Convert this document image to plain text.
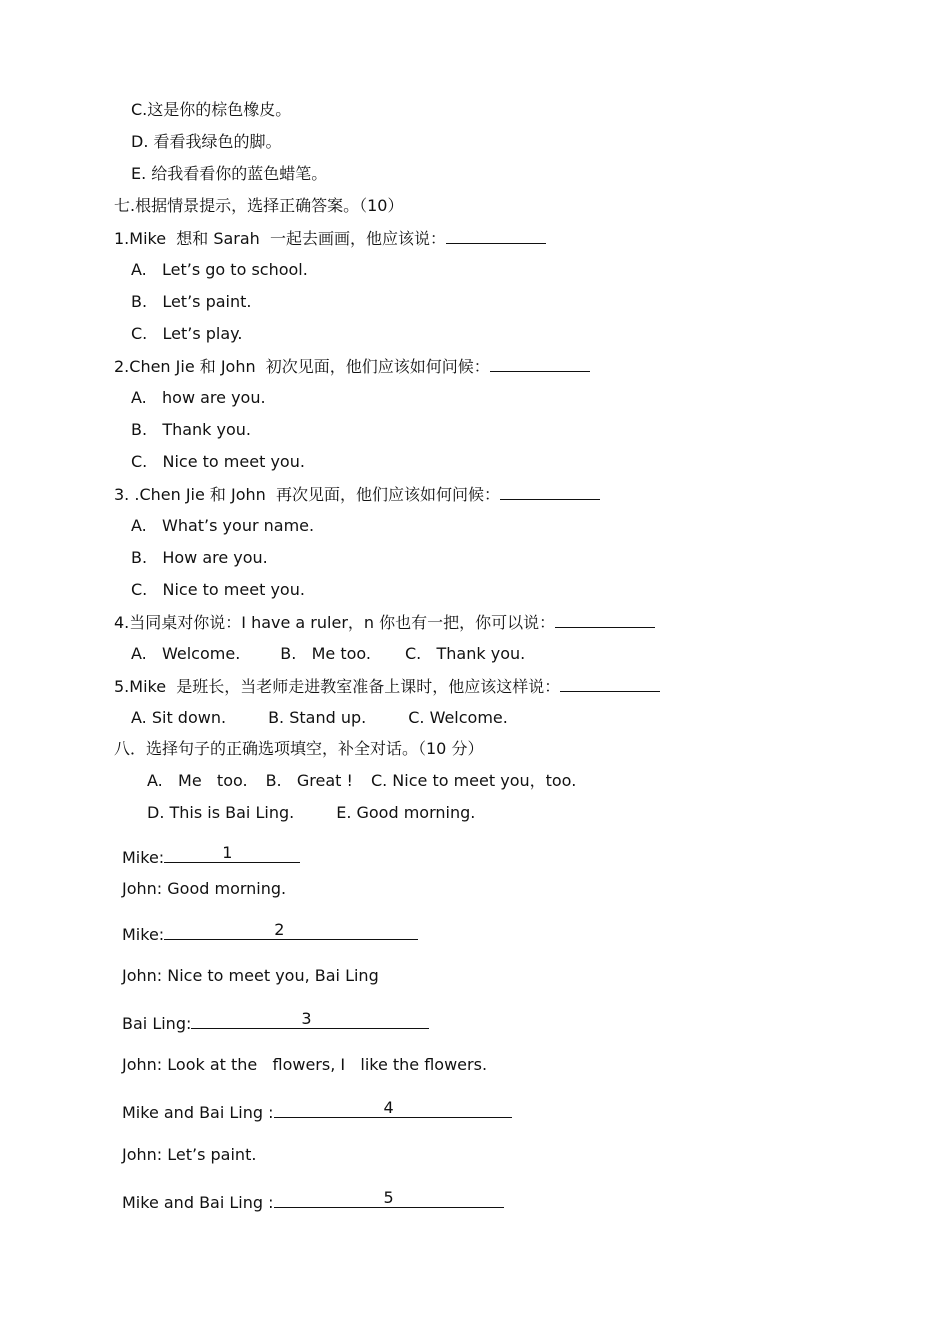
C.这是你的棕色橡皮。
D. 看看我绿色的脚。
E. 给我看看你的蓝色蜡笔。
七.根据情景提示，选择正确答案。（10）
1.Mike  想和 Sarah  一起去画画，他应该说：
A.   Let’s go to school.
B.   Let’s paint.
C.   Let’s play.
2.Chen Jie 和 John  初次见面，他们应该如何问候：
A.   how are you.
B.   Thank you.
C.   Nice to meet you.
3. .Chen Jie 和 John  再次见面，他们应该如何问候：
A.   What’s your name.
B.   How are you.
C.   Nice to meet you.
4.当同桌对你说：I have a ruler，n 你也有一把，你可以说：
A.   Welcome.	B.   Me too. C.   Thank you.
5.Mike  是班长，当老师走进教室准备上课时，他应该这样说：
A. Sit down.	B. Stand up.	C. Welcome.
八．选择句子的正确选项填空，补全对话。（10 分）
A.   Me   too. B.   Great ! C. Nice to meet you，too.
D. This is Bai Ling.	E. Good morning.
Mike:	1
John: Good morning.
Mike:	2
John: Nice to meet you, Bai Ling
Bai Ling:	3
John: Look at the   flowers, I   like the flowers.
Mike and Bai Ling :	4
John: Let’s paint.
Mike and Bai Ling :	5
